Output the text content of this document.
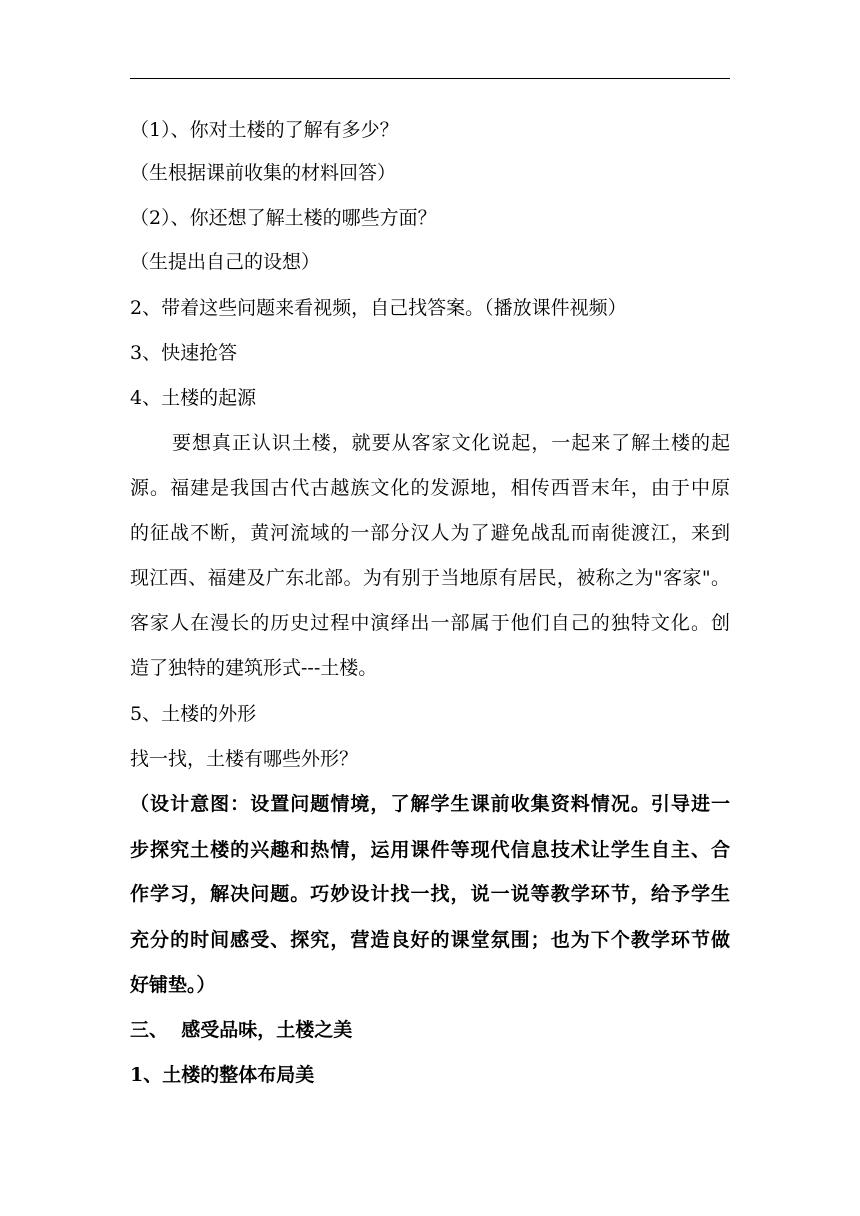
（1）、你对土楼的了解有多少？
（生根据课前收集的材料回答）
（2）、你还想了解土楼的哪些方面？
（生提出自己的设想）
2、带着这些问题来看视频，自己找答案。（播放课件视频）
3、快速抢答
4、土楼的起源
要想真正认识土楼，就要从客家文化说起，一起来了解土楼的起
源。福建是我国古代古越族文化的发源地，相传西晋末年，由于中原
的征战不断，黄河流域的一部分汉人为了避免战乱而南徙渡江，来到
现江西、福建及广东北部。为有别于当地原有居民，被称之为"客家"。
客家人在漫长的历史过程中演绎出一部属于他们自己的独特文化。创
造了独特的建筑形式---土楼。
5、土楼的外形
找一找，土楼有哪些外形？
（设计意图：设置问题情境，了解学生课前收集资料情况。引导进一
步探究土楼的兴趣和热情，运用课件等现代信息技术让学生自主、合
作学习，解决问题。巧妙设计找一找，说一说等教学环节，给予学生
充分的时间感受、探究，营造良好的课堂氛围；也为下个教学环节做
好铺垫。）
三、  感受品味，土楼之美
1、土楼的整体布局美
